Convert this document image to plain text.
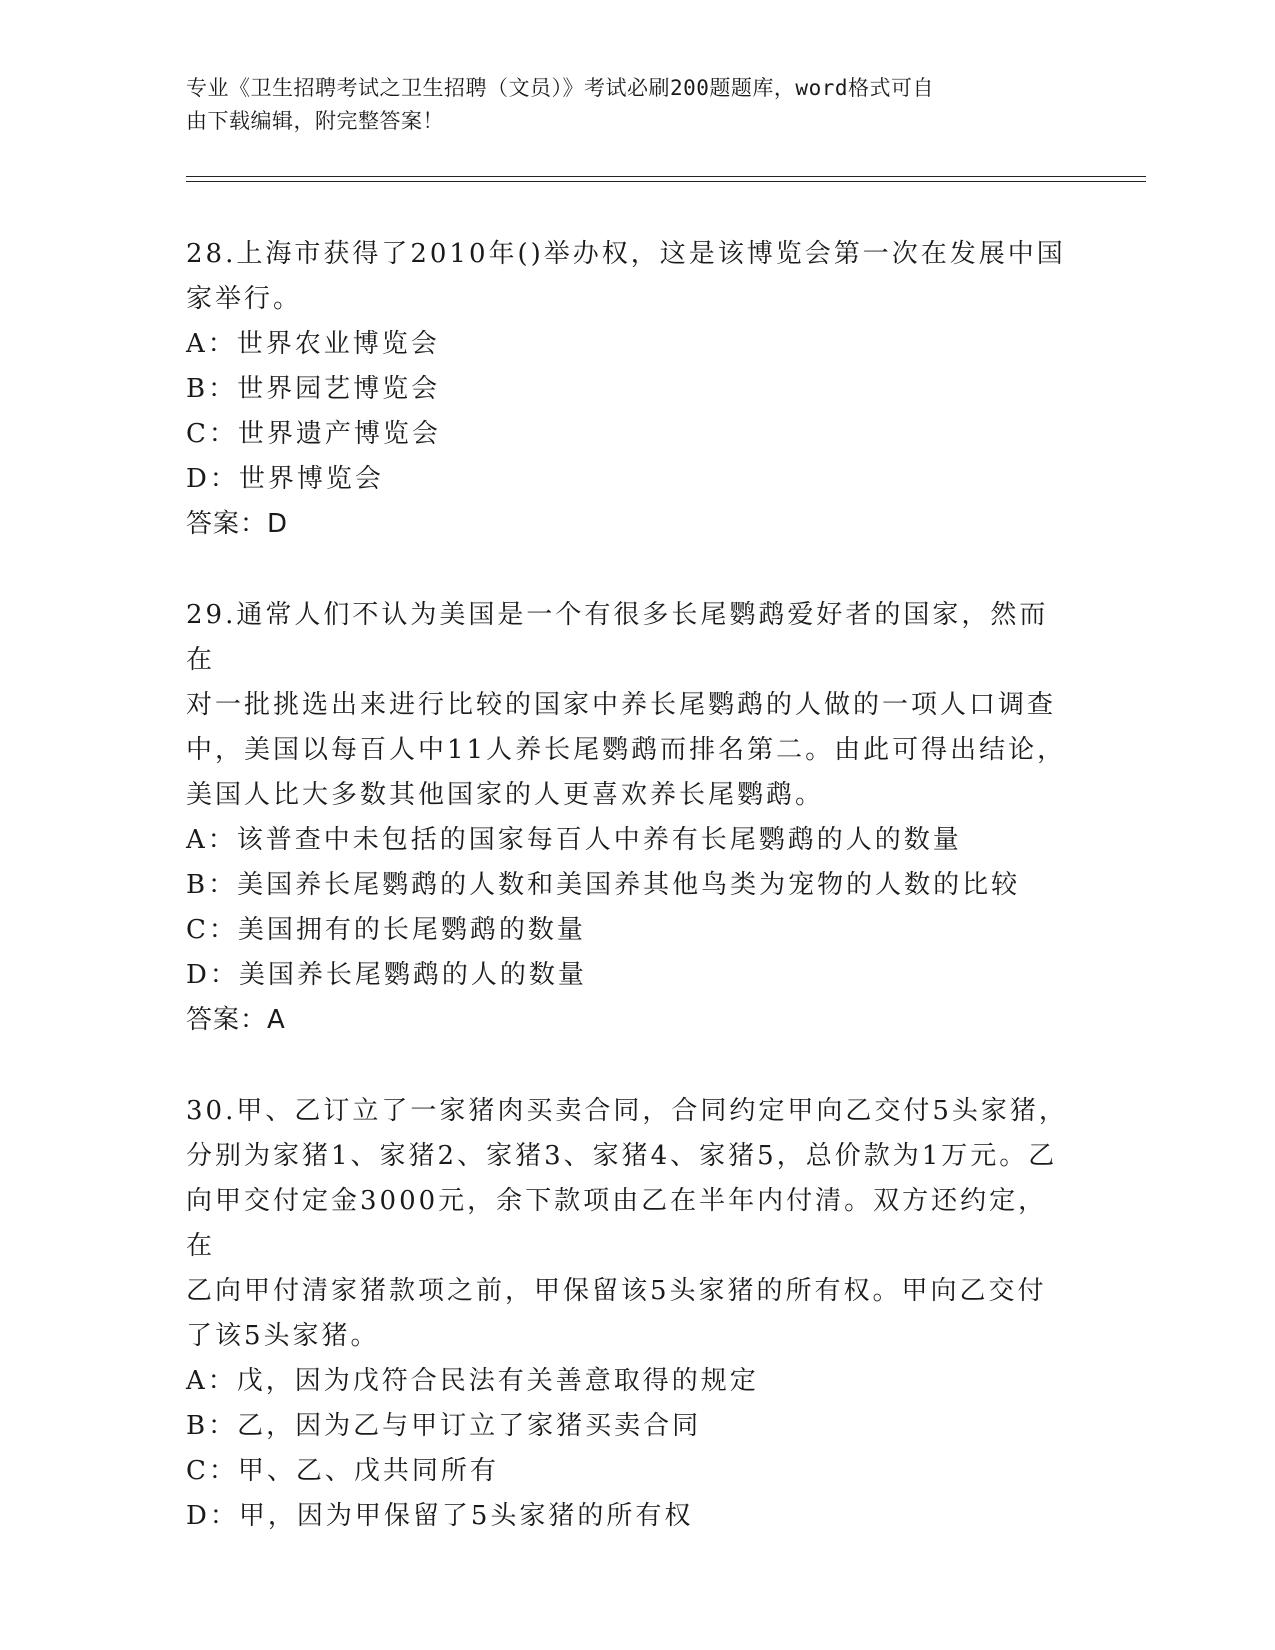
专业《卫生招聘考试之卫生招聘（文员）》考试必刷200题题库，word格式可自
由下载编辑，附完整答案！

28.上海市获得了2010年()举办权，这是该博览会第一次在发展中国

家举行。

A：世界农业博览会

B：世界园艺博览会

C：世界遗产博览会

D：世界博览会

答案：D

29.通常人们不认为美国是一个有很多长尾鹦鹉爱好者的国家，然而在

对一批挑选出来进行比较的国家中养长尾鹦鹉的人做的一项人口调查

中，美国以每百人中11人养长尾鹦鹉而排名第二。由此可得出结论，

美国人比大多数其他国家的人更喜欢养长尾鹦鹉。

A：该普查中未包括的国家每百人中养有长尾鹦鹉的人的数量

B：美国养长尾鹦鹉的人数和美国养其他鸟类为宠物的人数的比较

C：美国拥有的长尾鹦鹉的数量

D：美国养长尾鹦鹉的人的数量

答案：A

30.甲、乙订立了一家猪肉买卖合同，合同约定甲向乙交付5头家猪，

分别为家猪1、家猪2、家猪3、家猪4、家猪5，总价款为1万元。乙

向甲交付定金3000元，余下款项由乙在半年内付清。双方还约定，在

乙向甲付清家猪款项之前，甲保留该5头家猪的所有权。甲向乙交付

了该5头家猪。

A：戊，因为戊符合民法有关善意取得的规定

B：乙，因为乙与甲订立了家猪买卖合同

C：甲、乙、戊共同所有

D：甲，因为甲保留了5头家猪的所有权
